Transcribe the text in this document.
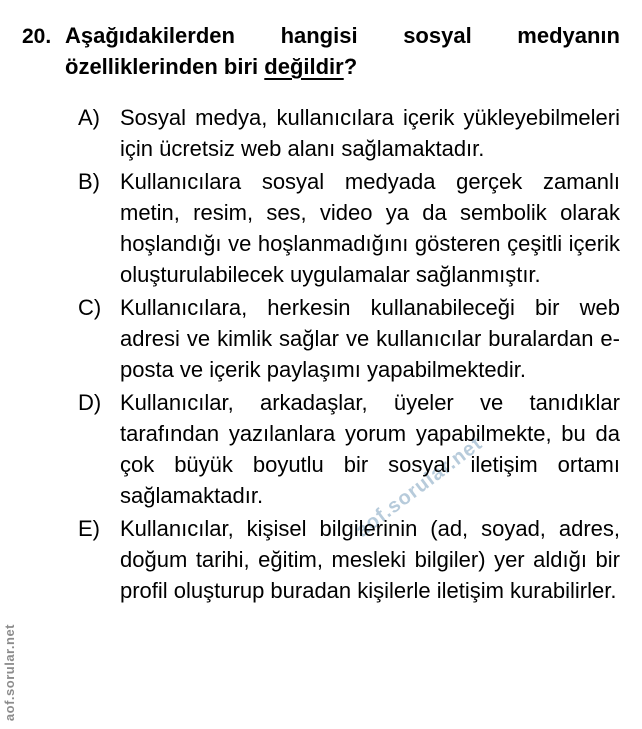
aof.sorular.net
aof.sorular.net
20. Aşağıdakilerden hangisi sosyal medyanın özelliklerinden biri değildir?

A) Sosyal medya, kullanıcılara içerik yükleyebilmeleri için ücretsiz web alanı sağlamaktadır.

B) Kullanıcılara sosyal medyada gerçek zamanlı metin, resim, ses, video ya da sembolik olarak hoşlandığı ve hoşlanmadığını gösteren çeşitli içerik oluşturulabilecek uygulamalar sağlanmıştır.

C) Kullanıcılara, herkesin kullanabileceği bir web adresi ve kimlik sağlar ve kullanıcılar buralardan e-posta ve içerik paylaşımı yapabilmektedir.

D) Kullanıcılar, arkadaşlar, üyeler ve tanıdıklar tarafından yazılanlara yorum yapabilmekte, bu da çok büyük boyutlu bir sosyal iletişim ortamı sağlamaktadır.

E) Kullanıcılar, kişisel bilgilerinin (ad, soyad, adres, doğum tarihi, eğitim, mesleki bilgiler) yer aldığı bir profil oluşturup buradan kişilerle iletişim kurabilirler.
